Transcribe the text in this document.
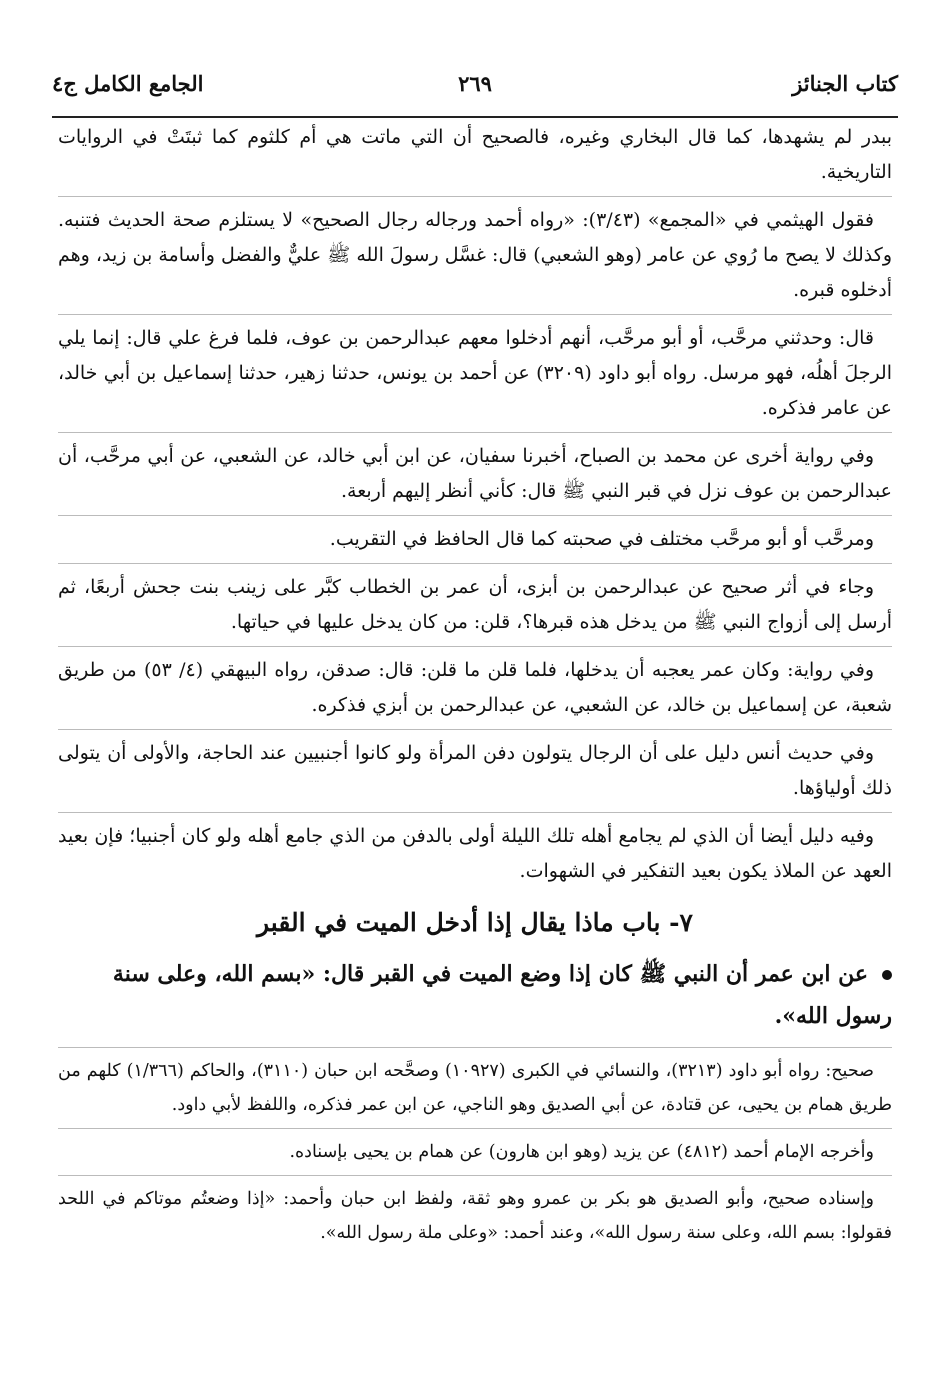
كتاب الجنائز
٢٦٩
الجامع الكامل ج٤

ببدر لم يشهدها، كما قال البخاري وغيره، فالصحيح أن التي ماتت هي أم كلثوم كما ثبتَتْ في الروايات التاريخية.

فقول الهيثمي في «المجمع» (٣/٤٣): «رواه أحمد ورجاله رجال الصحيح» لا يستلزم صحة الحديث فتنبه. وكذلك لا يصح ما رُوي عن عامر (وهو الشعبي) قال: غسَّل رسولَ الله ﷺ عليٌّ والفضل وأسامة بن زيد، وهم أدخلوه قبره.

قال: وحدثني مرحَّب، أو أبو مرحَّب، أنهم أدخلوا معهم عبدالرحمن بن عوف، فلما فرغ علي قال: إنما يلي الرجلَ أهلُه، فهو مرسل. رواه أبو داود (٣٢٠٩) عن أحمد بن يونس، حدثنا زهير، حدثنا إسماعيل بن أبي خالد، عن عامر فذكره.

وفي رواية أخرى عن محمد بن الصباح، أخبرنا سفيان، عن ابن أبي خالد، عن الشعبي، عن أبي مرحَّب، أن عبدالرحمن بن عوف نزل في قبر النبي ﷺ قال: كأني أنظر إليهم أربعة.

ومرحَّب أو أبو مرحَّب مختلف في صحبته كما قال الحافظ في التقريب.

وجاء في أثر صحيح عن عبدالرحمن بن أبزى، أن عمر بن الخطاب كبَّر على زينب بنت جحش أربعًا، ثم أرسل إلى أزواج النبي ﷺ من يدخل هذه قبرها؟، قلن: من كان يدخل عليها في حياتها.

وفي رواية: وكان عمر يعجبه أن يدخلها، فلما قلن ما قلن: قال: صدقن، رواه البيهقي (٤/ ٥٣) من طريق شعبة، عن إسماعيل بن خالد، عن الشعبي، عن عبدالرحمن بن أبزي فذكره.

وفي حديث أنس دليل على أن الرجال يتولون دفن المرأة ولو كانوا أجنبيين عند الحاجة، والأولى أن يتولى ذلك أولياؤها.

وفيه دليل أيضا أن الذي لم يجامع أهله تلك الليلة أولى بالدفن من الذي جامع أهله ولو كان أجنبيا؛ فإن بعيد العهد عن الملاذ يكون بعيد التفكير في الشهوات.

٧- باب ماذا يقال إذا أدخل الميت في القبر
عن ابن عمر أن النبي ﷺ كان إذا وضع الميت في القبر قال: «بسم الله، وعلى سنة رسول الله».

صحيح: رواه أبو داود (٣٢١٣)، والنسائي في الكبرى (١٠٩٢٧) وصحَّحه ابن حبان (٣١١٠)، والحاكم (١/٣٦٦) كلهم من طريق همام بن يحيى، عن قتادة، عن أبي الصديق وهو الناجي، عن ابن عمر فذكره، واللفظ لأبي داود.

وأخرجه الإمام أحمد (٤٨١٢) عن يزيد (وهو ابن هارون) عن همام بن يحيى بإسناده.

وإسناده صحيح، وأبو الصديق هو بكر بن عمرو وهو ثقة، ولفظ ابن حبان وأحمد: «إذا وضعتُم موتاكم في اللحد فقولوا: بسم الله، وعلى سنة رسول الله»، وعند أحمد: «وعلى ملة رسول الله».
